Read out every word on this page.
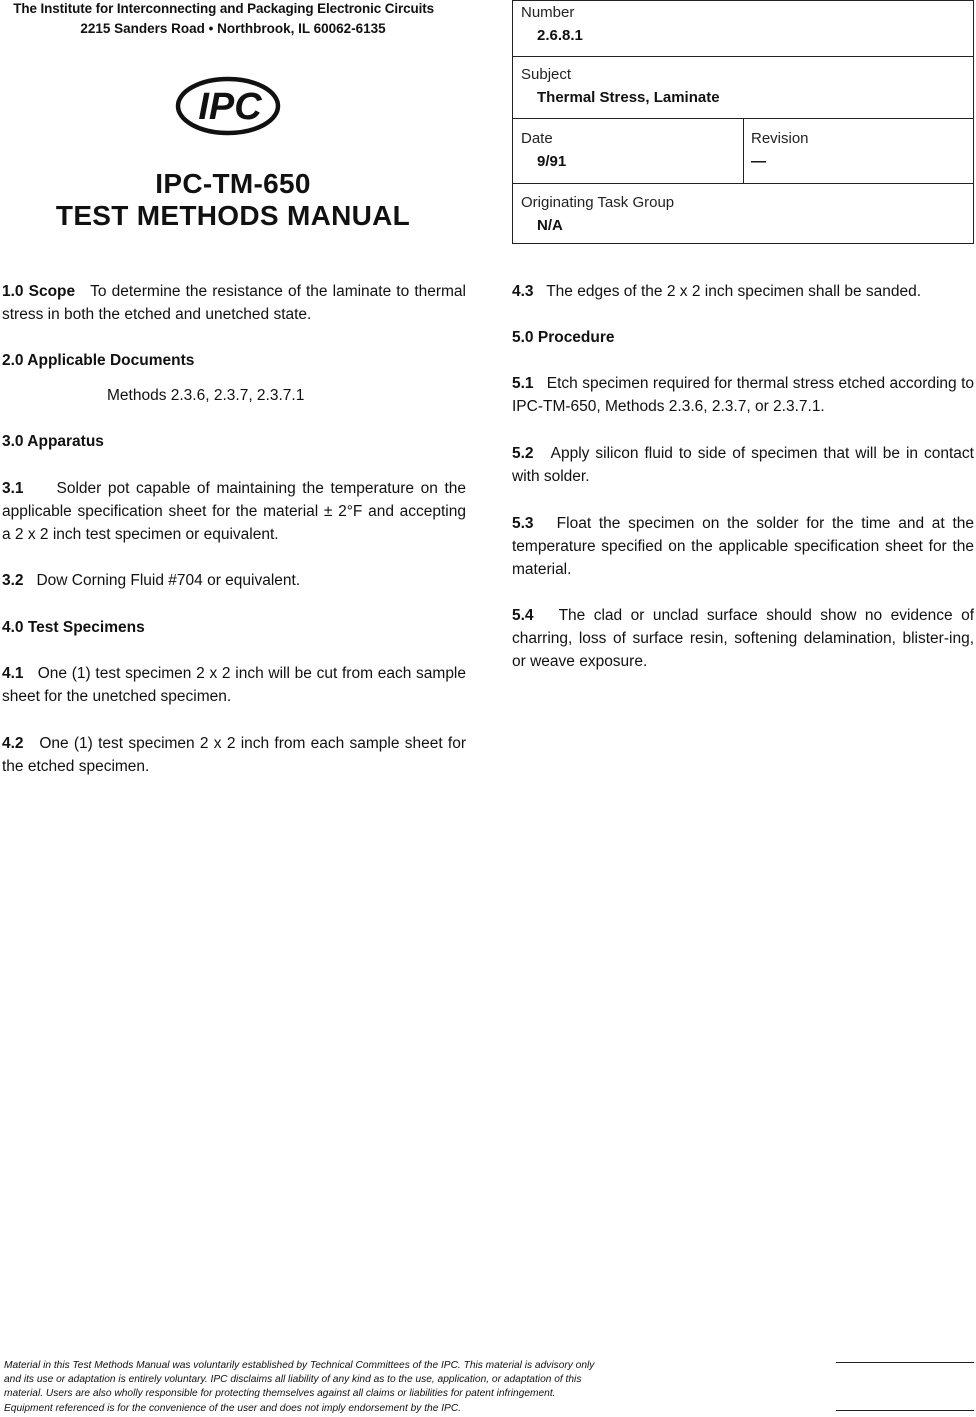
The Institute for Interconnecting and Packaging Electronic Circuits
2215 Sanders Road • Northbrook, IL 60062-6135
IPC
IPC-TM-650
TEST METHODS MANUAL
Number
2.6.8.1
Subject
Thermal Stress, Laminate
Date
9/91
Revision
—
Originating Task Group
N/A

1.0 Scope To determine the resistance of the laminate to thermal stress in both the etched and unetched state.

2.0 Applicable Documents

Methods 2.3.6, 2.3.7, 2.3.7.1

3.0 Apparatus

3.1 Solder pot capable of maintaining the temperature on the applicable specification sheet for the material ± 2°F and accepting a 2 x 2 inch test specimen or equivalent.

3.2 Dow Corning Fluid #704 or equivalent.

4.0 Test Specimens

4.1 One (1) test specimen 2 x 2 inch will be cut from each sample sheet for the unetched specimen.

4.2 One (1) test specimen 2 x 2 inch from each sample sheet for the etched specimen.

4.3 The edges of the 2 x 2 inch specimen shall be sanded.

5.0 Procedure

5.1 Etch specimen required for thermal stress etched according to IPC-TM-650, Methods 2.3.6, 2.3.7, or 2.3.7.1.

5.2 Apply silicon fluid to side of specimen that will be in contact with solder.

5.3 Float the specimen on the solder for the time and at the temperature specified on the applicable specification sheet for the material.

5.4 The clad or unclad surface should show no evidence of charring, loss of surface resin, softening delamination, blister-ing, or weave exposure.

Material in this Test Methods Manual was voluntarily established by Technical Committees of the IPC. This material is advisory only
and its use or adaptation is entirely voluntary. IPC disclaims all liability of any kind as to the use, application, or adaptation of this
material. Users are also wholly responsible for protecting themselves against all claims or liabilities for patent infringement.
Equipment referenced is for the convenience of the user and does not imply endorsement by the IPC.
